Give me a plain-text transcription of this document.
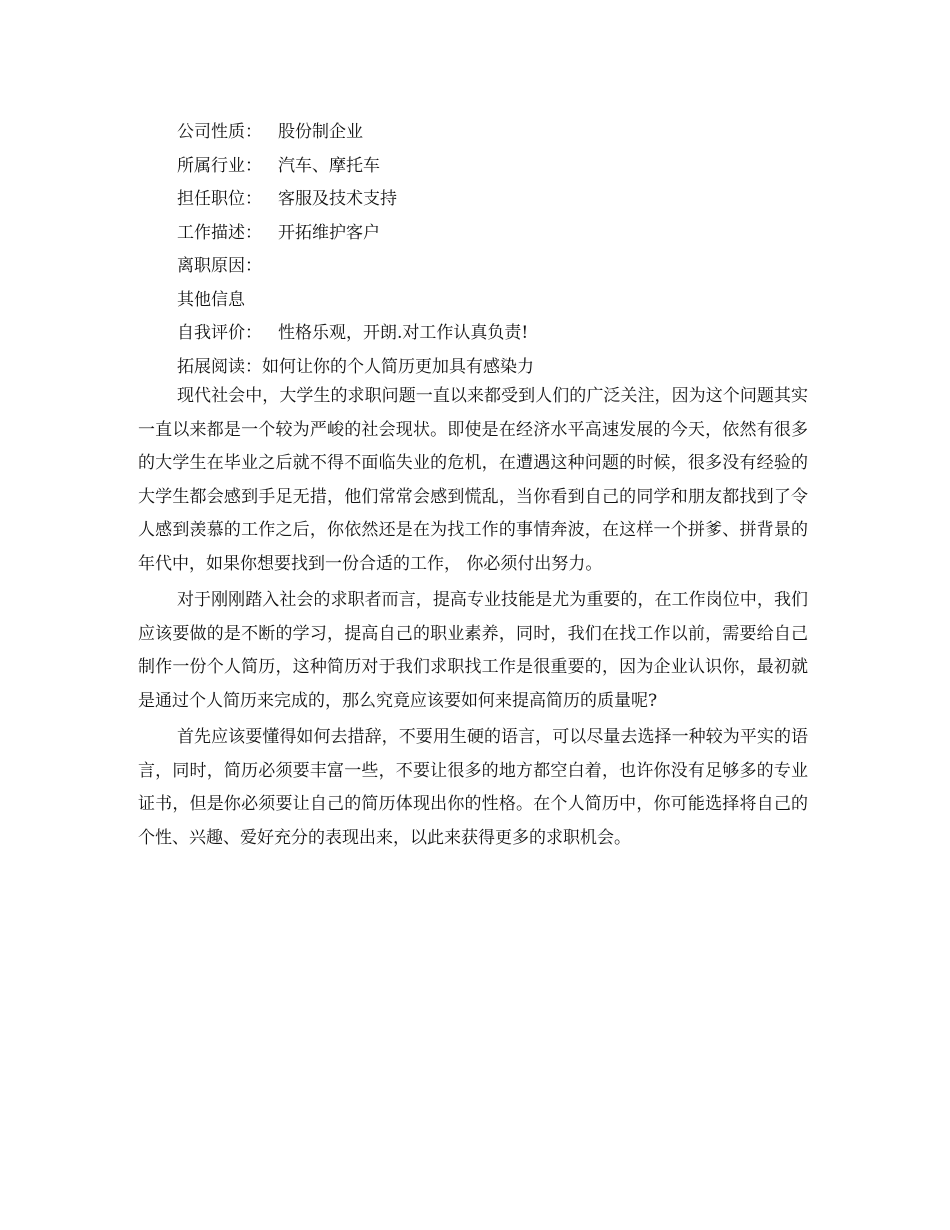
公司性质： 股份制企业
所属行业： 汽车、摩托车
担任职位： 客服及技术支持
工作描述： 开拓维护客户
离职原因：
其他信息
自我评价： 性格乐观，开朗.对工作认真负责!
拓展阅读：如何让你的个人简历更加具有感染力

现代社会中，大学生的求职问题一直以来都受到人们的广泛关注，因为这个问题其实一直以来都是一个较为严峻的社会现状。即使是在经济水平高速发展的今天，依然有很多的大学生在毕业之后就不得不面临失业的危机，在遭遇这种问题的时候，很多没有经验的大学生都会感到手足无措，他们常常会感到慌乱，当你看到自己的同学和朋友都找到了令人感到羡慕的工作之后，你依然还是在为找工作的事情奔波，在这样一个拼爹、拼背景的年代中，如果你想要找到一份合适的工作， 你必须付出努力。

对于刚刚踏入社会的求职者而言，提高专业技能是尤为重要的，在工作岗位中，我们应该要做的是不断的学习，提高自己的职业素养，同时，我们在找工作以前，需要给自己制作一份个人简历，这种简历对于我们求职找工作是很重要的，因为企业认识你，最初就是通过个人简历来完成的，那么究竟应该要如何来提高简历的质量呢?

首先应该要懂得如何去措辞，不要用生硬的语言，可以尽量去选择一种较为平实的语言，同时，简历必须要丰富一些，不要让很多的地方都空白着，也许你没有足够多的专业证书，但是你必须要让自己的简历体现出你的性格。在个人简历中，你可能选择将自己的个性、兴趣、爱好充分的表现出来，以此来获得更多的求职机会。
